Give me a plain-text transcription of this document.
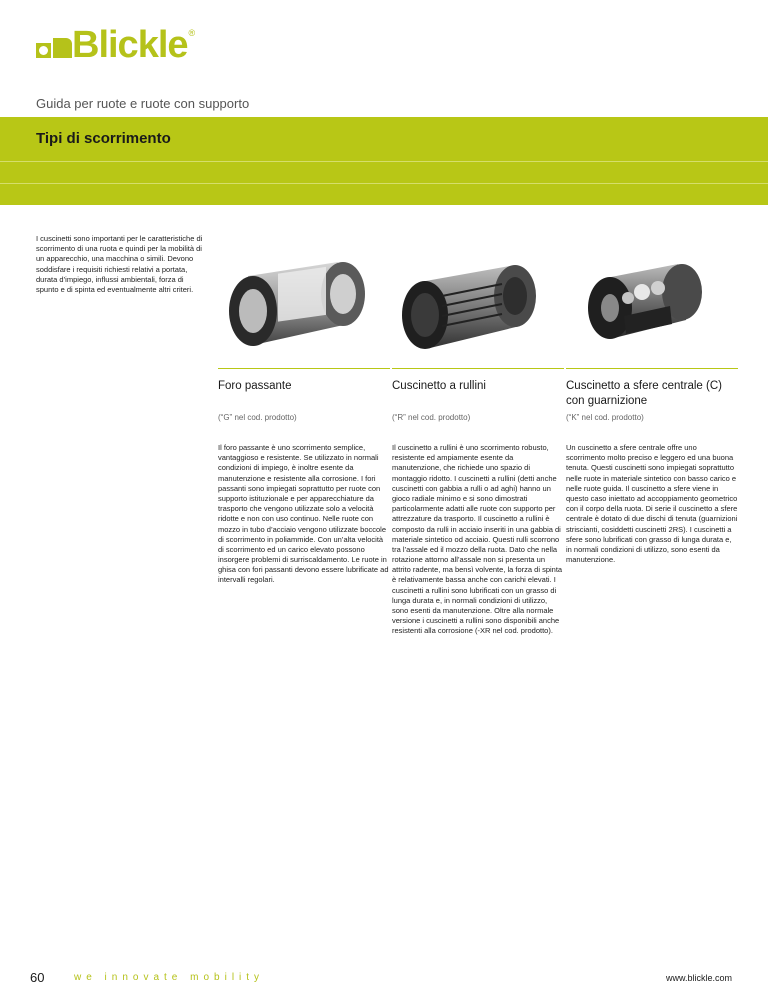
Blickle ®
Guida per ruote e ruote con supporto
Tipi di scorrimento
I cuscinetti sono importanti per le caratteristiche di scorrimento di una ruota e quindi per la mobilità di un apparecchio, una macchina o simili. Devono soddisfare i requisiti richiesti relativi a portata, durata d’impiego, influssi ambientali, forza di spunto e di spinta ed eventualmente altri criteri.
Foro passante
(“G” nel cod. prodotto)
Il foro passante è uno scorrimento semplice, vantaggioso e resistente. Se utilizzato in normali condizioni di impiego, è inoltre esente da manutenzione e resistente alla corrosione. I fori passanti sono impiegati soprattutto per ruote con supporto istituzionale e per apparecchiature da trasporto che vengono utilizzate solo a velocità ridotte e non con uso continuo. Nelle ruote con mozzo in tubo d’acciaio vengono utilizzate boccole di scorrimento in poliammide. Con un’alta velocità di scorrimento ed un carico elevato possono insorgere problemi di surriscaldamento. Le ruote in ghisa con fori passanti devono essere lubrificate ad intervalli regolari.
Cuscinetto a rullini
(“R” nel cod. prodotto)
Il cuscinetto a rullini è uno scorrimento robusto, resistente ed ampiamente esente da manutenzione, che richiede uno spazio di montaggio ridotto. I cuscinetti a rullini (detti anche cuscinetti con gabbia a rulli o ad aghi) hanno un gioco radiale minimo e si sono dimostrati particolarmente adatti alle ruote con supporto per attrezzature da trasporto. Il cuscinetto a rullini è composto da rulli in acciaio inseriti in una gabbia di materiale sintetico od acciaio. Questi rulli scorrono tra l’assale ed il mozzo della ruota. Dato che nella rotazione attorno all’assale non si presenta un attrito radente, ma bensì volvente, la forza di spinta è relativamente bassa anche con carichi elevati. I cuscinetti a rullini sono lubrificati con un grasso di lunga durata e, in normali condizioni di utilizzo, sono esenti da manutenzione. Oltre alla normale versione i cuscinetti a rullini sono disponibili anche resistenti alla corrosione (-XR nel cod. prodotto).
Cuscinetto a sfere centrale (C) con guarnizione
(“K” nel cod. prodotto)
Un cuscinetto a sfere centrale offre uno scorrimento molto preciso e leggero ed una buona tenuta. Questi cuscinetti sono impiegati soprattutto nelle ruote in materiale sintetico con basso carico e nelle ruote guida. Il cuscinetto a sfere viene in questo caso iniettato ad accoppiamento geometrico con il corpo della ruota. Di serie il cuscinetto a sfere centrale è dotato di due dischi di tenuta (guarnizioni striscianti, cosiddetti cuscinetti 2RS). I cuscinetti a sfere sono lubrificati con grasso di lunga durata e, in normali condizioni di utilizzo, sono esenti da manutenzione.
60	we innovate mobility	www.blickle.com
